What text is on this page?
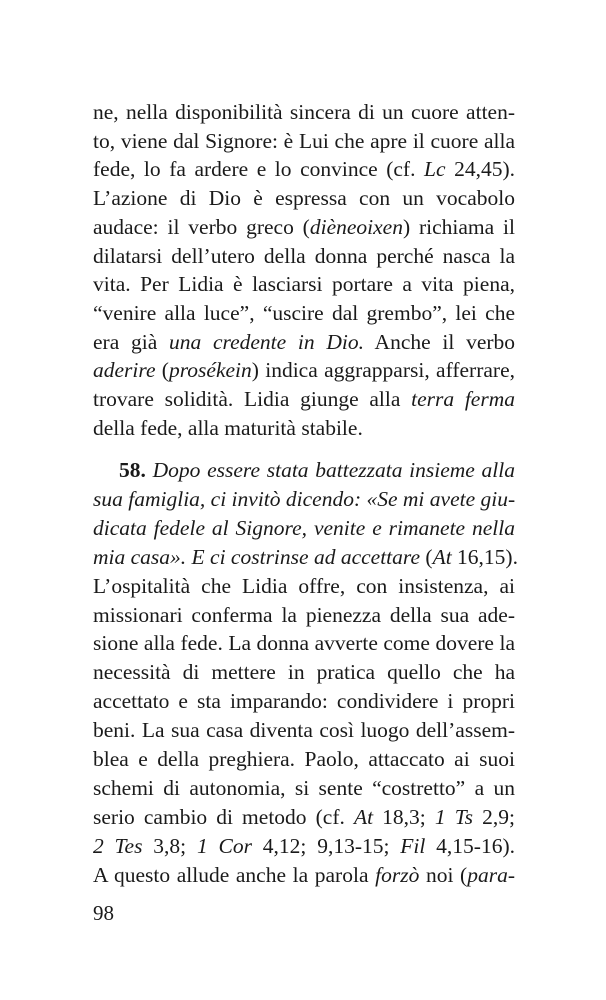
ne, nella disponibilità sincera di un cuore atten-
to, viene dal Signore: è Lui che apre il cuore alla
fede, lo fa ardere e lo convince (cf. Lc 24,45).
L’azione di Dio è espressa con un vocabolo
audace: il verbo greco (dièneoixen) richiama il
dilatarsi dell’utero della donna perché nasca la
vita. Per Lidia è lasciarsi portare a vita piena,
“venire alla luce”, “uscire dal grembo”, lei che
era già una credente in Dio. Anche il verbo
aderire (prosékein) indica aggrapparsi, afferrare,
trovare solidità. Lidia giunge alla terra ferma
della fede, alla maturità stabile.
58. Dopo essere stata battezzata insieme alla
sua famiglia, ci invitò dicendo: «Se mi avete giu-
dicata fedele al Signore, venite e rimanete nella
mia casa». E ci costrinse ad accettare (At 16,15).
L’ospitalità che Lidia offre, con insistenza, ai
missionari conferma la pienezza della sua ade-
sione alla fede. La donna avverte come dovere la
necessità di mettere in pratica quello che ha
accettato e sta imparando: condividere i propri
beni. La sua casa diventa così luogo dell’assem-
blea e della preghiera. Paolo, attaccato ai suoi
schemi di autonomia, si sente “costretto” a un
serio cambio di metodo (cf. At 18,3; 1 Ts 2,9;
2 Tes 3,8; 1 Cor 4,12; 9,13-15; Fil 4,15-16).
A questo allude anche la parola forzò noi (para-
98
